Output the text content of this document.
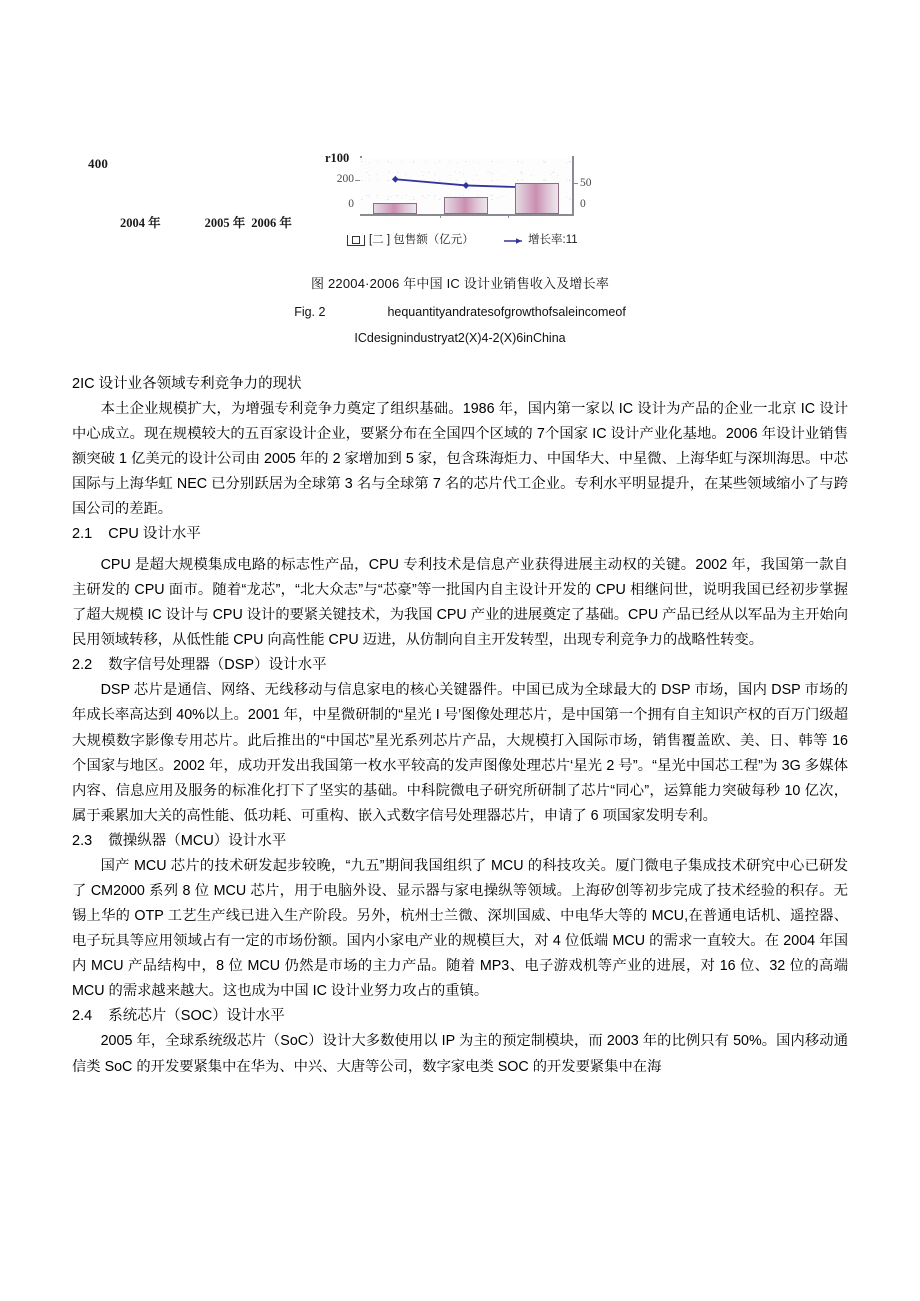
400
2004 年	2005 年 2006 年
r100
200
0
50
0
[二 ] 包售额（亿元）	增长率:11
图 22004·2006 年中国 IC 设计业销售收入及增长率
Fig. 2	hequantityandratesofgrowthofsaleincomeof
ICdesignindustryat2(X)4-2(X)6inChina
2IC 设计业各领域专利竞争力的现状

本土企业规模扩大，为增强专利竞争力奠定了组织基础。1986 年，国内第一家以 IC 设计为产品的企业一北京 IC 设计中心成立。现在规模较大的五百家设计企业，要紧分布在全国四个区域的 7个国家 IC 设计产业化基地。2006 年设计业销售额突破 1 亿美元的设计公司由 2005 年的 2 家增加到 5 家，包含珠海炬力、中国华大、中星微、上海华虹与深圳海思。中芯国际与上海华虹 NEC 已分别跃居为全球第 3 名与全球第 7 名的芯片代工企业。专利水平明显提升，在某些领域缩小了与跨国公司的差距。

2.1    CPU 设计水平

CPU 是超大规模集成电路的标志性产品，CPU 专利技术是信息产业获得进展主动权的关键。2002 年，我国第一款自主研发的 CPU 面市。随着“龙芯”，“北大众志”与“芯豪”等一批国内自主设计开发的 CPU 相继问世，说明我国已经初步掌握了超大规模 IC 设计与 CPU 设计的要紧关键技术，为我国 CPU 产业的进展奠定了基础。CPU 产品已经从以军品为主开始向民用领域转移，从低性能 CPU 向高性能 CPU 迈进，从仿制向自主开发转型，出现专利竞争力的战略性转变。

2.2    数字信号处理器（DSP）设计水平

DSP 芯片是通信、网络、无线移动与信息家电的核心关键器件。中国已成为全球最大的 DSP 市场，国内 DSP 市场的年成长率高达到 40%以上。2001 年，中星微研制的“星光 I 号’图像处理芯片，是中国第一个拥有自主知识产权的百万门级超大规模数字影像专用芯片。此后推出的“中国芯”星光系列芯片产品，大规模打入国际市场，销售覆盖欧、美、日、韩等 16 个国家与地区。2002 年，成功开发出我国第一枚水平较高的发声图像处理芯片‘星光 2 号”。“星光中国芯工程”为 3G 多媒体内容、信息应用及服务的标准化打下了坚实的基础。中科院微电子研究所研制了芯片“同心”，运算能力突破每秒 10 亿次，属于乘累加大关的高性能、低功耗、可重构、嵌入式数字信号处理器芯片，申请了 6 项国家发明专利。

2.3    微操纵器（MCU）设计水平

国产 MCU 芯片的技术研发起步较晚，“九五”期间我国组织了 MCU 的科技攻关。厦门微电子集成技术研究中心已研发了 CM2000 系列 8 位 MCU 芯片，用于电脑外设、显示器与家电操纵等领域。上海矽创等初步完成了技术经验的积存。无锡上华的 OTP 工艺生产线已进入生产阶段。另外，杭州士兰微、深圳国威、中电华大等的 MCU,在普通电话机、遥控器、电子玩具等应用领域占有一定的市场份额。国内小家电产业的规模巨大，对 4 位低端 MCU 的需求一直较大。在 2004 年国内 MCU 产品结构中，8 位 MCU 仍然是市场的主力产品。随着 MP3、电子游戏机等产业的进展，对 16 位、32 位的高端 MCU 的需求越来越大。这也成为中国 IC 设计业努力攻占的重镇。

2.4    系统芯片（SOC）设计水平

2005 年，全球系统级芯片（SoC）设计大多数使用以 IP 为主的预定制模块，而 2003 年的比例只有 50%。国内移动通信类 SoC 的开发要紧集中在华为、中兴、大唐等公司，数字家电类 SOC 的开发要紧集中在海
